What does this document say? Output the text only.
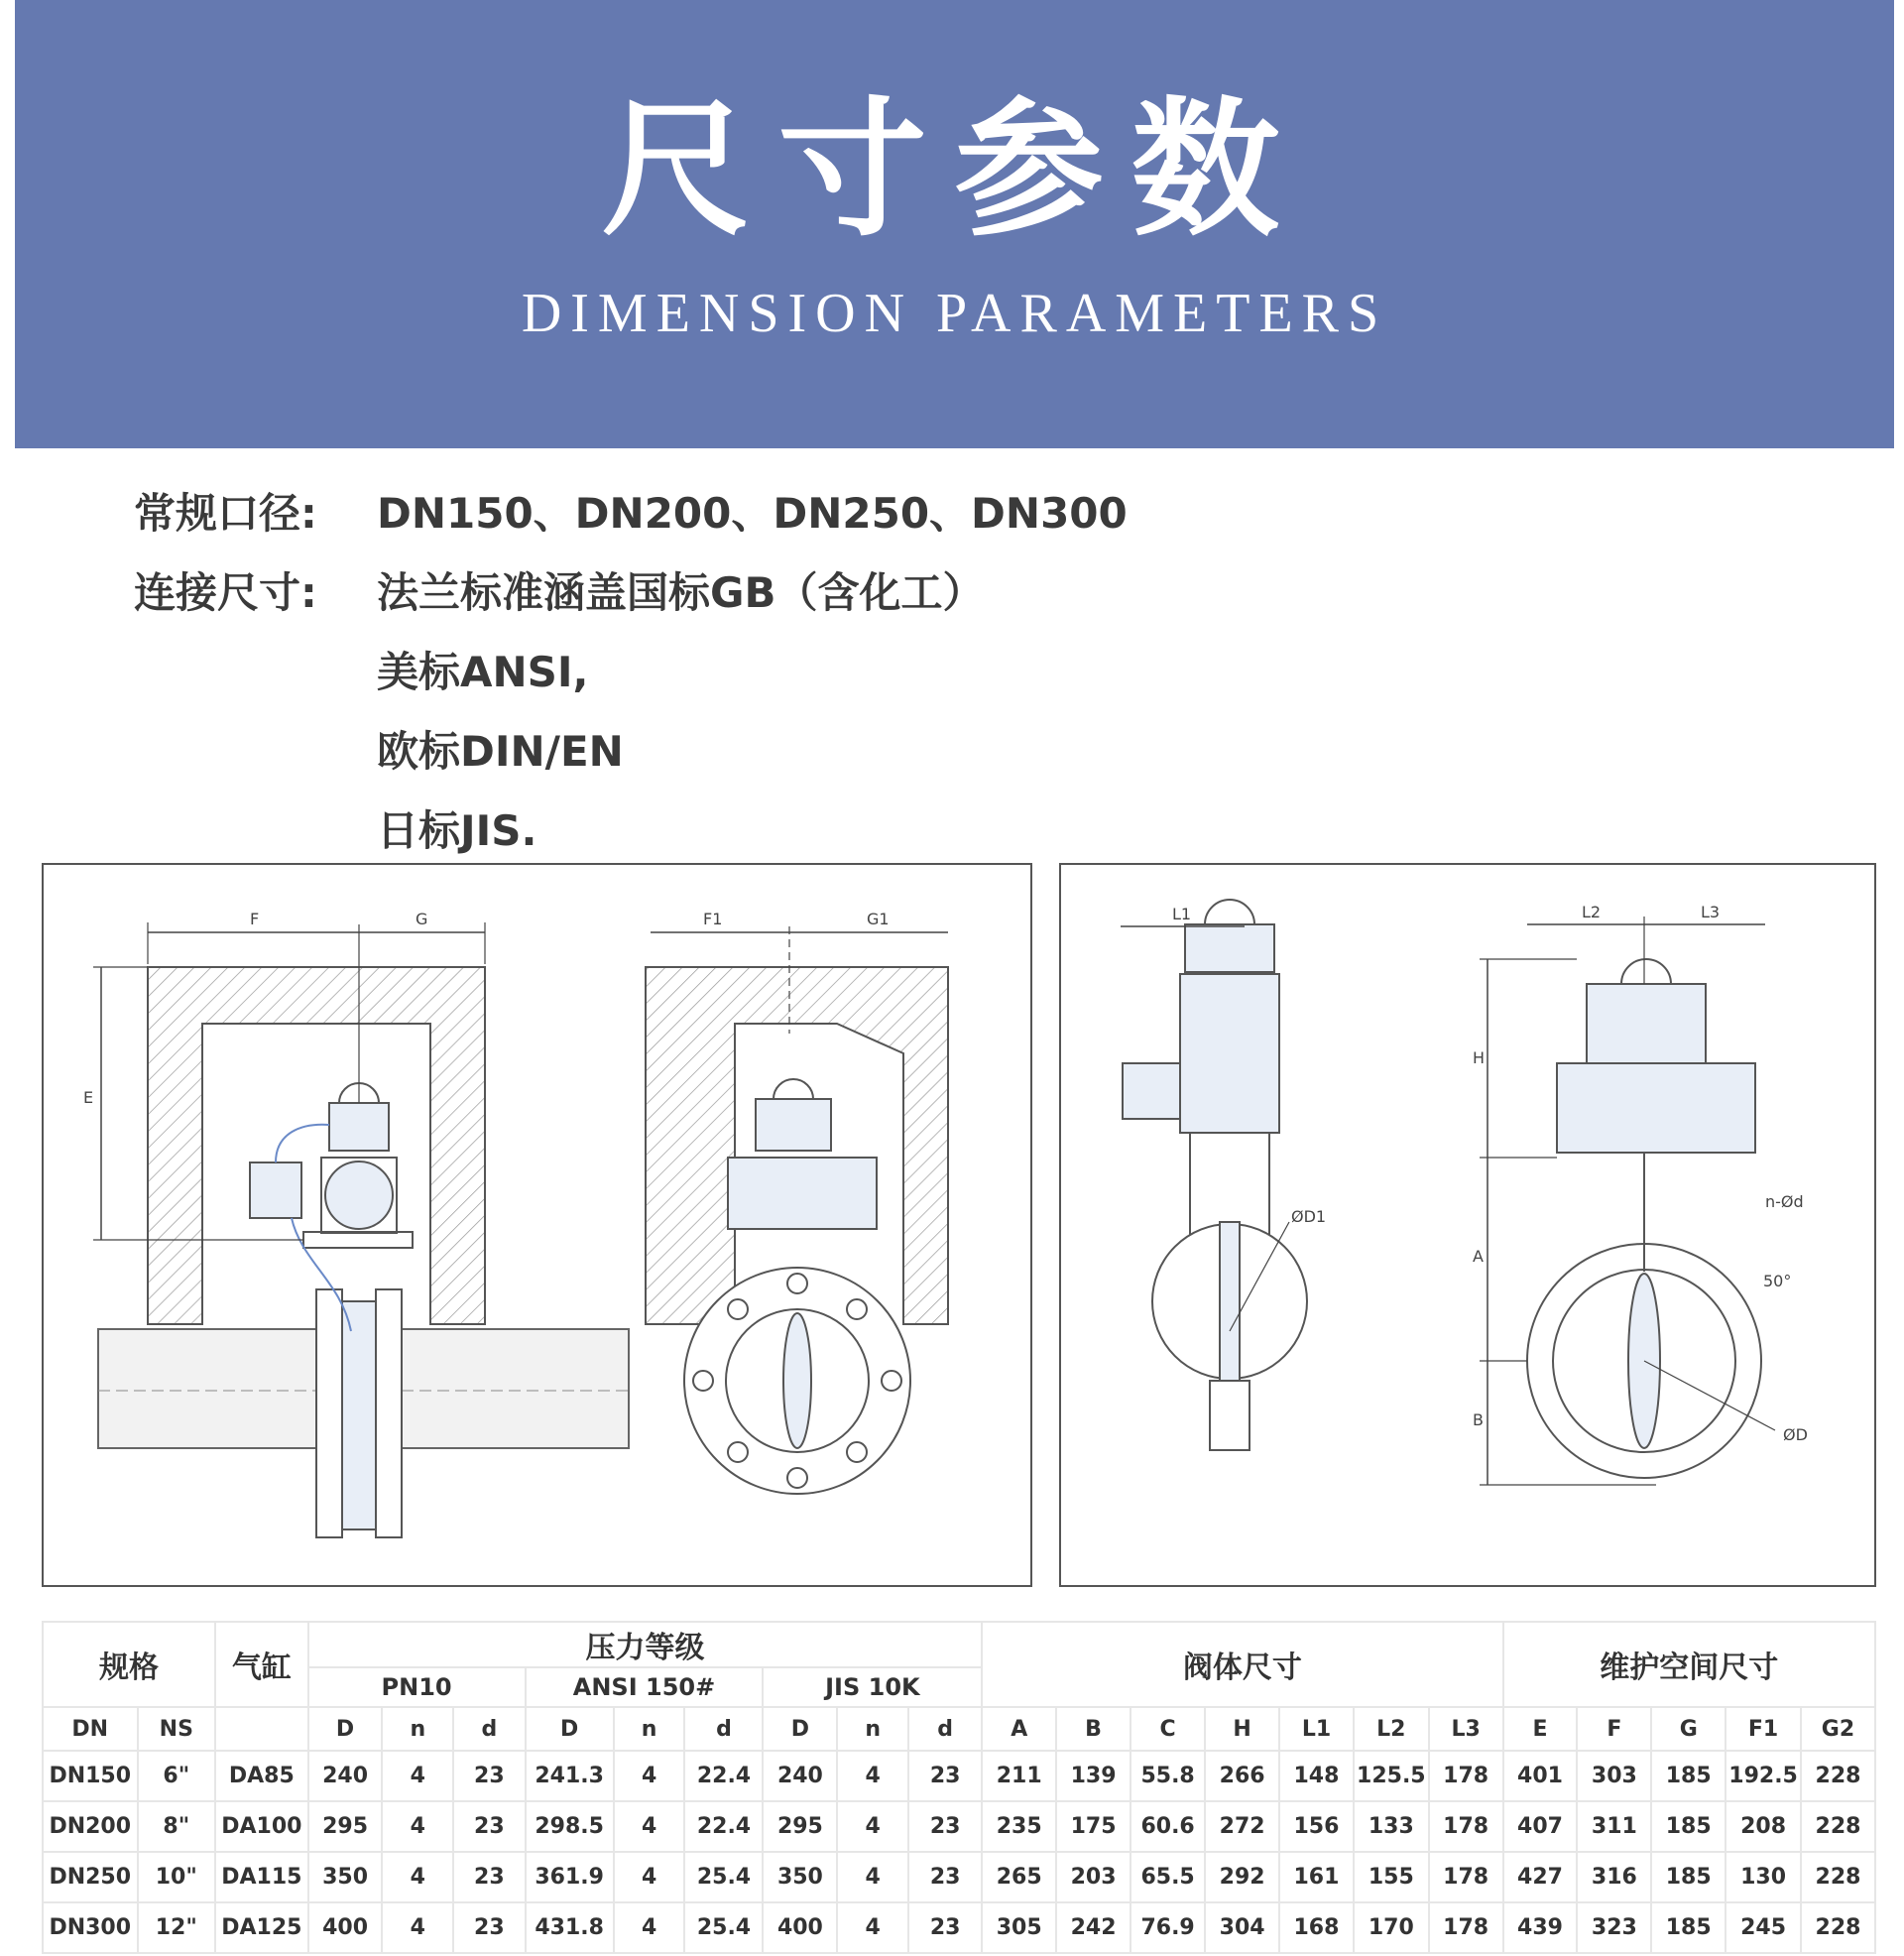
尺寸参数
DIMENSION PARAMETERS
常规口径: DN150、DN200、DN250、DN300
连接尺寸: 法兰标准涵盖国标GB（含化工）
美标ANSI,
欧标DIN/EN
日标JIS.
F	G
E
F1	G1
ØD1
L1
ØD
n-Ød
50°
L2	L3
H
A
B
规格		气缸	压力等级									阀体尺寸							维护空间尺寸				
			PN10			ANSI 150#			JIS 10K														
DN	NS		D	n	d	D	n	d	D	n	d	A	B	C	H	L1	L2	L3	E	F	G	F1	G2
DN150	6"	DA85	240	4	23	241.3	4	22.4	240	4	23	211	139	55.8	266	148	125.5	178	401	303	185	192.5	228
DN200	8"	DA100	295	4	23	298.5	4	22.4	295	4	23	235	175	60.6	272	156	133	178	407	311	185	208	228
DN250	10"	DA115	350	4	23	361.9	4	25.4	350	4	23	265	203	65.5	292	161	155	178	427	316	185	130	228
DN300	12"	DA125	400	4	23	431.8	4	25.4	400	4	23	305	242	76.9	304	168	170	178	439	323	185	245	228
